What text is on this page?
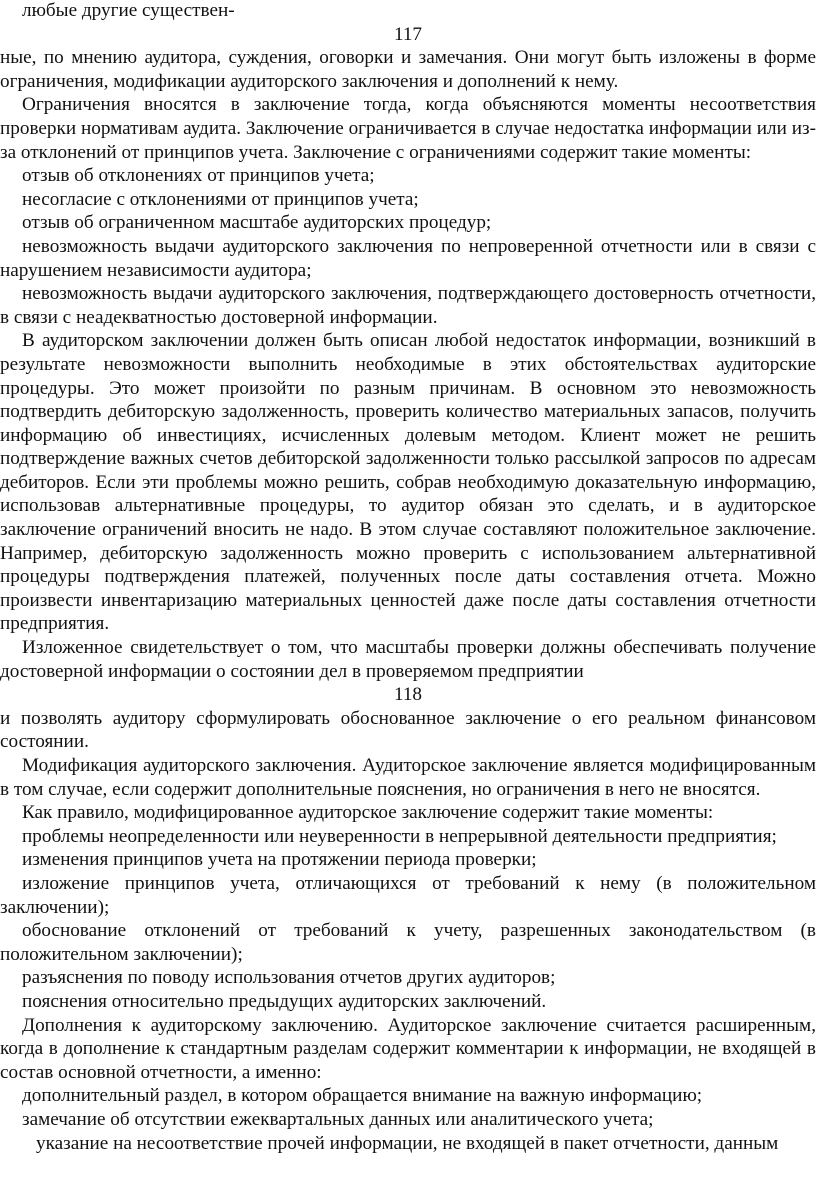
любые другие существен-

117

ные, по мнению аудитора, суждения, оговорки и замечания. Они могут быть изложены в форме ограничения, модификации аудиторского заключения и дополнений к нему.

Ограничения вносятся в заключение тогда, когда объясняются моменты несоответствия проверки нормативам аудита. Заключение ограничивается в случае недостатка информации или из-за отклонений от принципов учета. Заключение с ограничениями содержит такие моменты:

отзыв об отклонениях от принципов учета;

несогласие с отклонениями от принципов учета;

отзыв об ограниченном масштабе аудиторских процедур;

невозможность выдачи аудиторского заключения по непроверенной отчетности или в связи с нарушением независимости аудитора;

невозможность выдачи аудиторского заключения, подтверждающего достоверность отчетности, в связи с неадекватностью достоверной информации.

В аудиторском заключении должен быть описан любой недостаток информации, возникший в результате невозможности выполнить необходимые в этих обстоятельствах аудиторские процедуры. Это может произойти по разным причинам. В основном это невозможность подтвердить дебиторскую задолженность, проверить количество материальных запасов, получить информацию об инвестициях, исчисленных долевым методом. Клиент может не решить подтверждение важных счетов дебиторской задолженности только рассылкой запросов по адресам дебиторов. Если эти проблемы можно решить, собрав необходимую доказательную информацию, использовав альтернативные процедуры, то аудитор обязан это сделать, и в аудиторское заключение ограничений вносить не надо. В этом случае составляют положительное заключение. Например, дебиторскую задолженность можно проверить с использованием альтернативной процедуры подтверждения платежей, полученных после даты составления отчета. Можно произвести инвентаризацию материальных ценностей даже после даты составления отчетности предприятия.

Изложенное свидетельствует о том, что масштабы проверки должны обеспечивать получение достоверной информации о состоянии дел в проверяемом предприятии

118

и позволять аудитору сформулировать обоснованное заключение о его реальном финансовом состоянии.

Модификация аудиторского заключения. Аудиторское заключение является модифицированным в том случае, если содержит дополнительные пояснения, но ограничения в него не вносятся.

Как правило, модифицированное аудиторское заключение содержит такие моменты:

проблемы неопределенности или неуверенности в непрерывной деятельности предприятия;

изменения принципов учета на протяжении периода проверки;

изложение принципов учета, отличающихся от требований к нему (в положительном заключении);

обоснование отклонений от требований к учету, разрешенных законодательством (в положительном заключении);

разъяснения по поводу использования отчетов других аудиторов;

пояснения относительно предыдущих аудиторских заключений.

Дополнения к аудиторскому заключению. Аудиторское заключение считается расширенным, когда в дополнение к стандартным разделам содержит комментарии к информации, не входящей в состав основной отчетности, а именно:

дополнительный раздел, в котором обращается внимание на важную информацию;

замечание об отсутствии ежеквартальных данных или аналитического учета;

указание на несоответствие прочей информации, не входящей в пакет отчетности, данным
